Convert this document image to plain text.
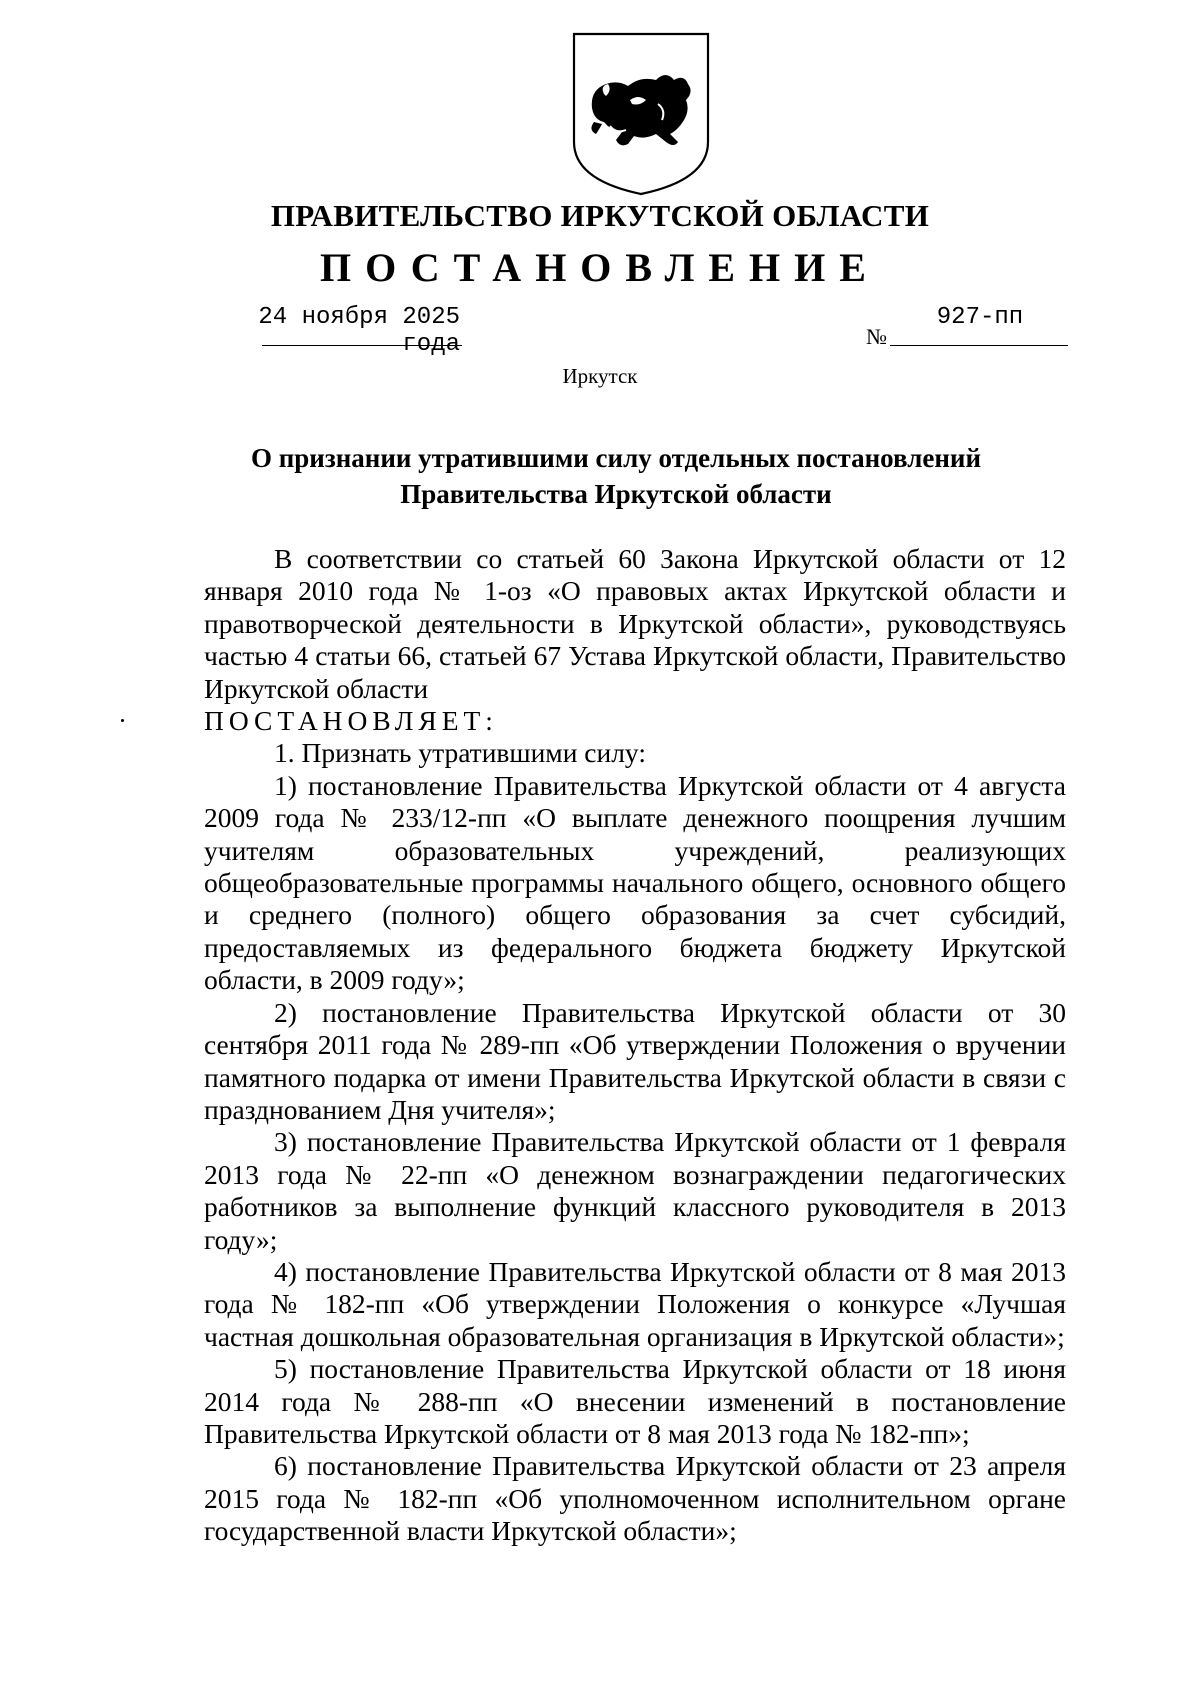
ПРАВИТЕЛЬСТВО ИРКУТСКОЙ ОБЛАСТИ
ПОСТАНОВЛЕНИЕ
24 ноября 2025 года	№
927-пп
Иркутск
О признании утратившими силу отдельных постановлений
Правительства Иркутской области

В соответствии со статьей 60 Закона Иркутской области от 12 января 2010 года № 1-оз «О правовых актах Иркутской области и правотворческой деятельности в Иркутской области», руководствуясь частью 4 статьи 66, статьей 67 Устава Иркутской области, Правительство Иркутской области

ПОСТАНОВЛЯЕТ:

1. Признать утратившими силу:

1) постановление Правительства Иркутской области от 4 августа 2009 года № 233/12-пп «О выплате денежного поощрения лучшим учителям образовательных учреждений, реализующих общеобразовательные программы начального общего, основного общего и среднего (полного) общего образования за счет субсидий, предоставляемых из федерального бюджета бюджету Иркутской области, в 2009 году»;

2) постановление Правительства Иркутской области от 30 сентября 2011 года № 289-пп «Об утверждении Положения о вручении памятного подарка от имени Правительства Иркутской области в связи с празднованием Дня учителя»;

3) постановление Правительства Иркутской области от 1 февраля 2013 года № 22-пп «О денежном вознаграждении педагогических работников за выполнение функций классного руководителя в 2013 году»;

4) постановление Правительства Иркутской области от 8 мая 2013 года № 182-пп «Об утверждении Положения о конкурсе «Лучшая частная дошкольная образовательная организация в Иркутской области»;

5) постановление Правительства Иркутской области от 18 июня 2014 года № 288-пп «О внесении изменений в постановление Правительства Иркутской области от 8 мая 2013 года № 182-пп»;

6) постановление Правительства Иркутской области от 23 апреля 2015 года № 182-пп «Об уполномоченном исполнительном органе государственной власти Иркутской области»;
